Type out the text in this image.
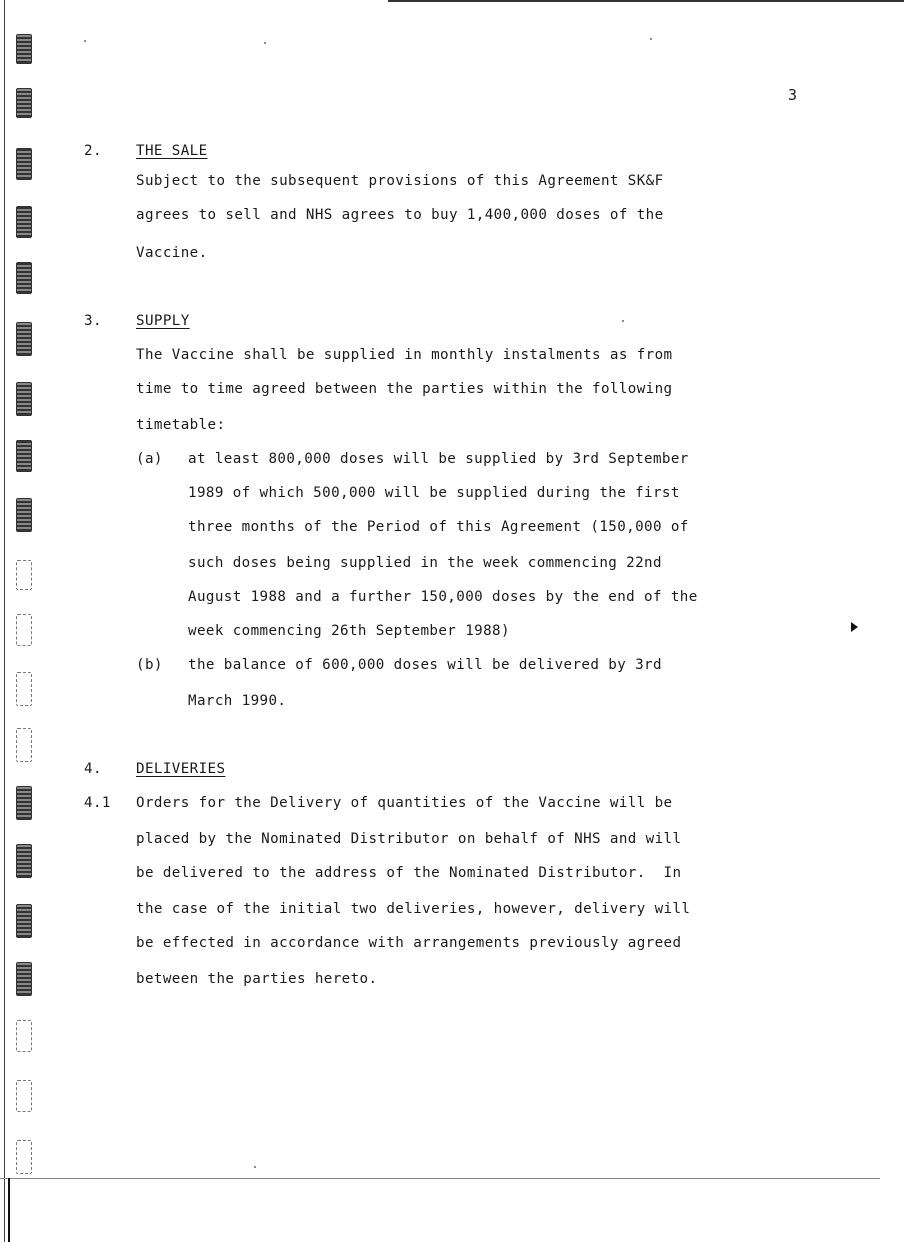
3
2. THE SALE
Subject to the subsequent provisions of this Agreement SK&F
agrees to sell and NHS agrees to buy 1,400,000 doses of the
Vaccine.
3. SUPPLY
The Vaccine shall be supplied in monthly instalments as from
time to time agreed between the parties within the following
timetable:
(a) at least 800,000 doses will be supplied by 3rd September
1989 of which 500,000 will be supplied during the first
three months of the Period of this Agreement (150,000 of
such doses being supplied in the week commencing 22nd
August 1988 and a further 150,000 doses by the end of the
week commencing 26th September 1988)
(b) the balance of 600,000 doses will be delivered by 3rd
March 1990.
4. DELIVERIES
4.1 Orders for the Delivery of quantities of the Vaccine will be
placed by the Nominated Distributor on behalf of NHS and will
be delivered to the address of the Nominated Distributor.  In
the case of the initial two deliveries, however, delivery will
be effected in accordance with arrangements previously agreed
between the parties hereto.
